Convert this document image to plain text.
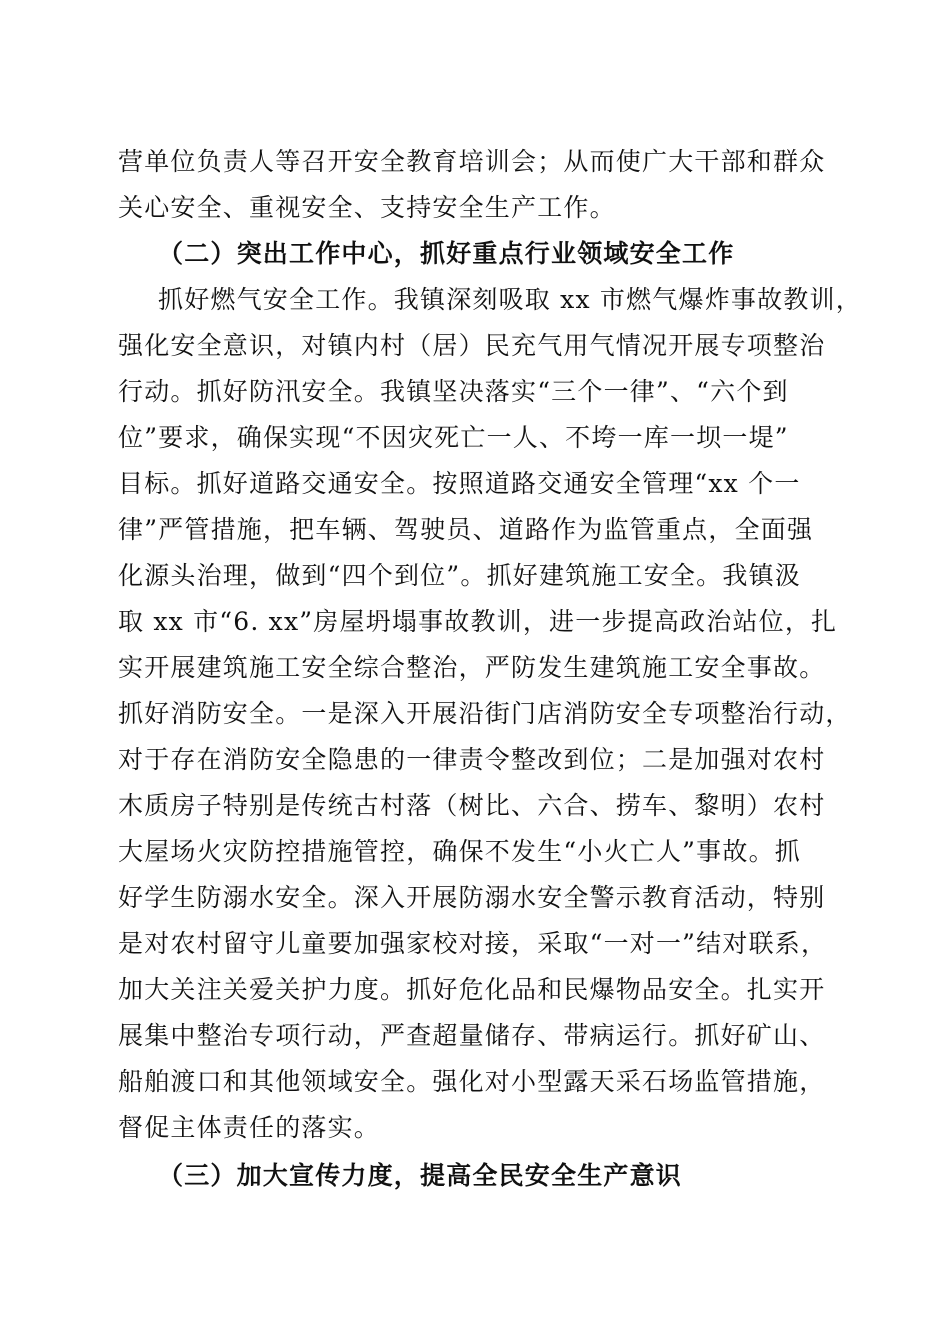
营单位负责人等召开安全教育培训会；从而使广大干部和群众
关心安全、重视安全、支持安全生产工作。
（二）突出工作中心，抓好重点行业领域安全工作
抓好燃气安全工作。我镇深刻吸取 xx 市燃气爆炸事故教训，
强化安全意识，对镇内村（居）民充气用气情况开展专项整治
行动。抓好防汛安全。我镇坚决落实“三个一律”、“六个到
位”要求，确保实现“不因灾死亡一人、不垮一库一坝一堤”
目标。抓好道路交通安全。按照道路交通安全管理“xx 个一
律”严管措施，把车辆、驾驶员、道路作为监管重点，全面强
化源头治理，做到“四个到位”。抓好建筑施工安全。我镇汲
取 xx 市“6. xx”房屋坍塌事故教训，进一步提高政治站位，扎
实开展建筑施工安全综合整治，严防发生建筑施工安全事故。
抓好消防安全。一是深入开展沿街门店消防安全专项整治行动，
对于存在消防安全隐患的一律责令整改到位；二是加强对农村
木质房子特别是传统古村落（树比、六合、捞车、黎明）农村
大屋场火灾防控措施管控，确保不发生“小火亡人”事故。抓
好学生防溺水安全。深入开展防溺水安全警示教育活动，特别
是对农村留守儿童要加强家校对接，采取“一对一”结对联系，
加大关注关爱关护力度。抓好危化品和民爆物品安全。扎实开
展集中整治专项行动，严查超量储存、带病运行。抓好矿山、
船舶渡口和其他领域安全。强化对小型露天采石场监管措施，
督促主体责任的落实。
（三）加大宣传力度，提高全民安全生产意识
